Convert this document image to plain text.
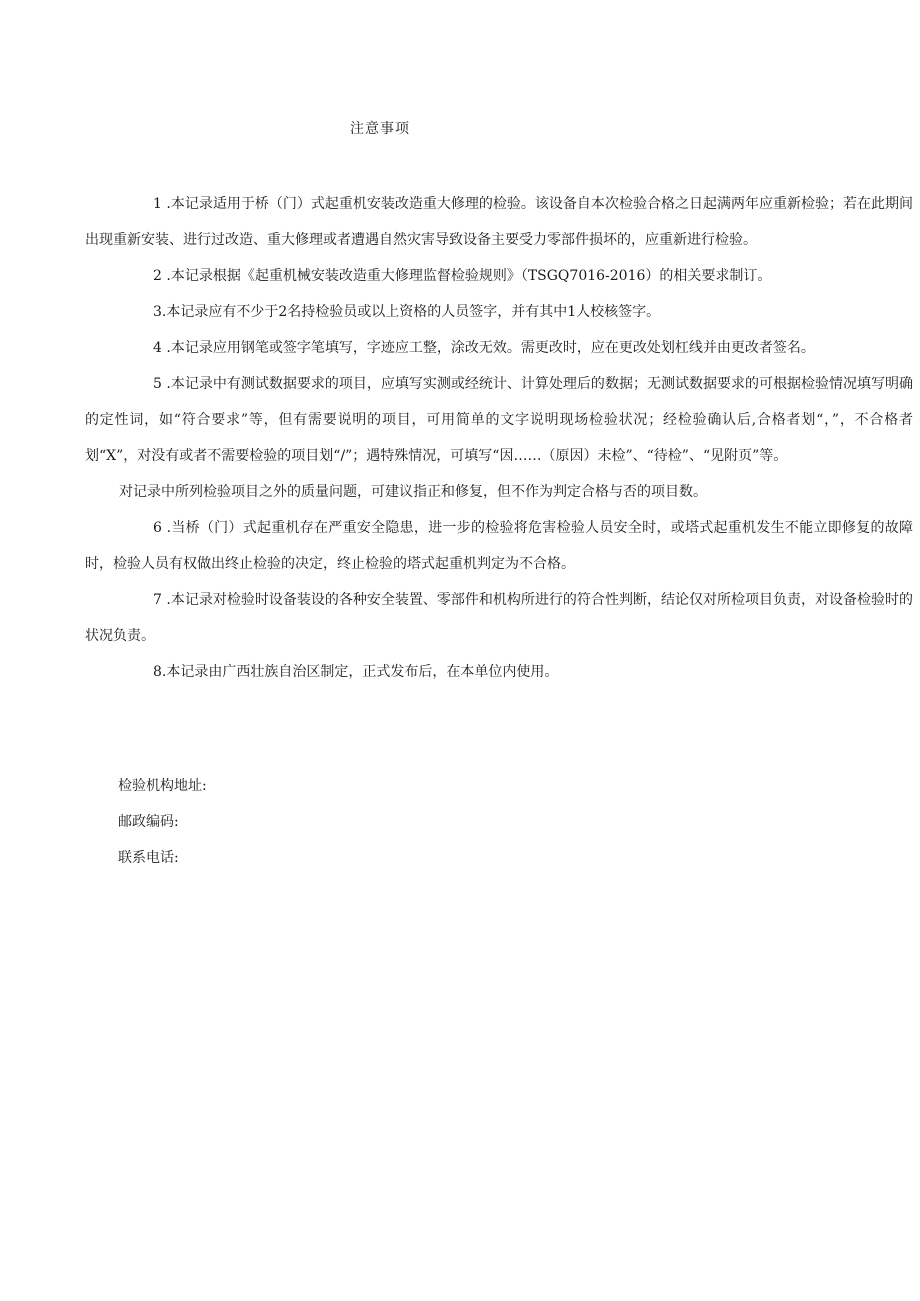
注意事项

1 .本记录适用于桥（门）式起重机安装改造重大修理的检验。该设备自本次检验合格之日起满两年应重新检验；若在此期间出现重新安装、进行过改造、重大修理或者遭遇自然灾害导致设备主要受力零部件损坏的，应重新进行检验。

2 .本记录根据《起重机械安装改造重大修理监督检验规则》（TSGQ7016-2016）的相关要求制订。

3.本记录应有不少于2名持检验员或以上资格的人员签字，并有其中1人校核签字。

4 .本记录应用钢笔或签字笔填写，字迹应工整，涂改无效。需更改时，应在更改处划杠线并由更改者签名。

5 .本记录中有测试数据要求的项目，应填写实测或经统计、计算处理后的数据；无测试数据要求的可根据检验情况填写明确的定性词，如“符合要求”等，但有需要说明的项目，可用简单的文字说明现场检验状况；经检验确认后,合格者划“，”，不合格者划“X”，对没有或者不需要检验的项目划“/”；遇特殊情况，可填写“因……（原因）未检”、“待检”、“见附页”等。

对记录中所列检验项目之外的质量问题，可建议指正和修复，但不作为判定合格与否的项目数。

6 .当桥（门）式起重机存在严重安全隐患，进一步的检验将危害检验人员安全时，或塔式起重机发生不能立即修复的故障时，检验人员有权做出终止检验的决定，终止检验的塔式起重机判定为不合格。

7 .本记录对检验时设备装设的各种安全装置、零部件和机构所进行的符合性判断，结论仅对所检项目负责，对设备检验时的状况负责。

8.本记录由广西壮族自治区制定，正式发布后，在本单位内使用。

检验机构地址:
邮政编码:
联系电话:
